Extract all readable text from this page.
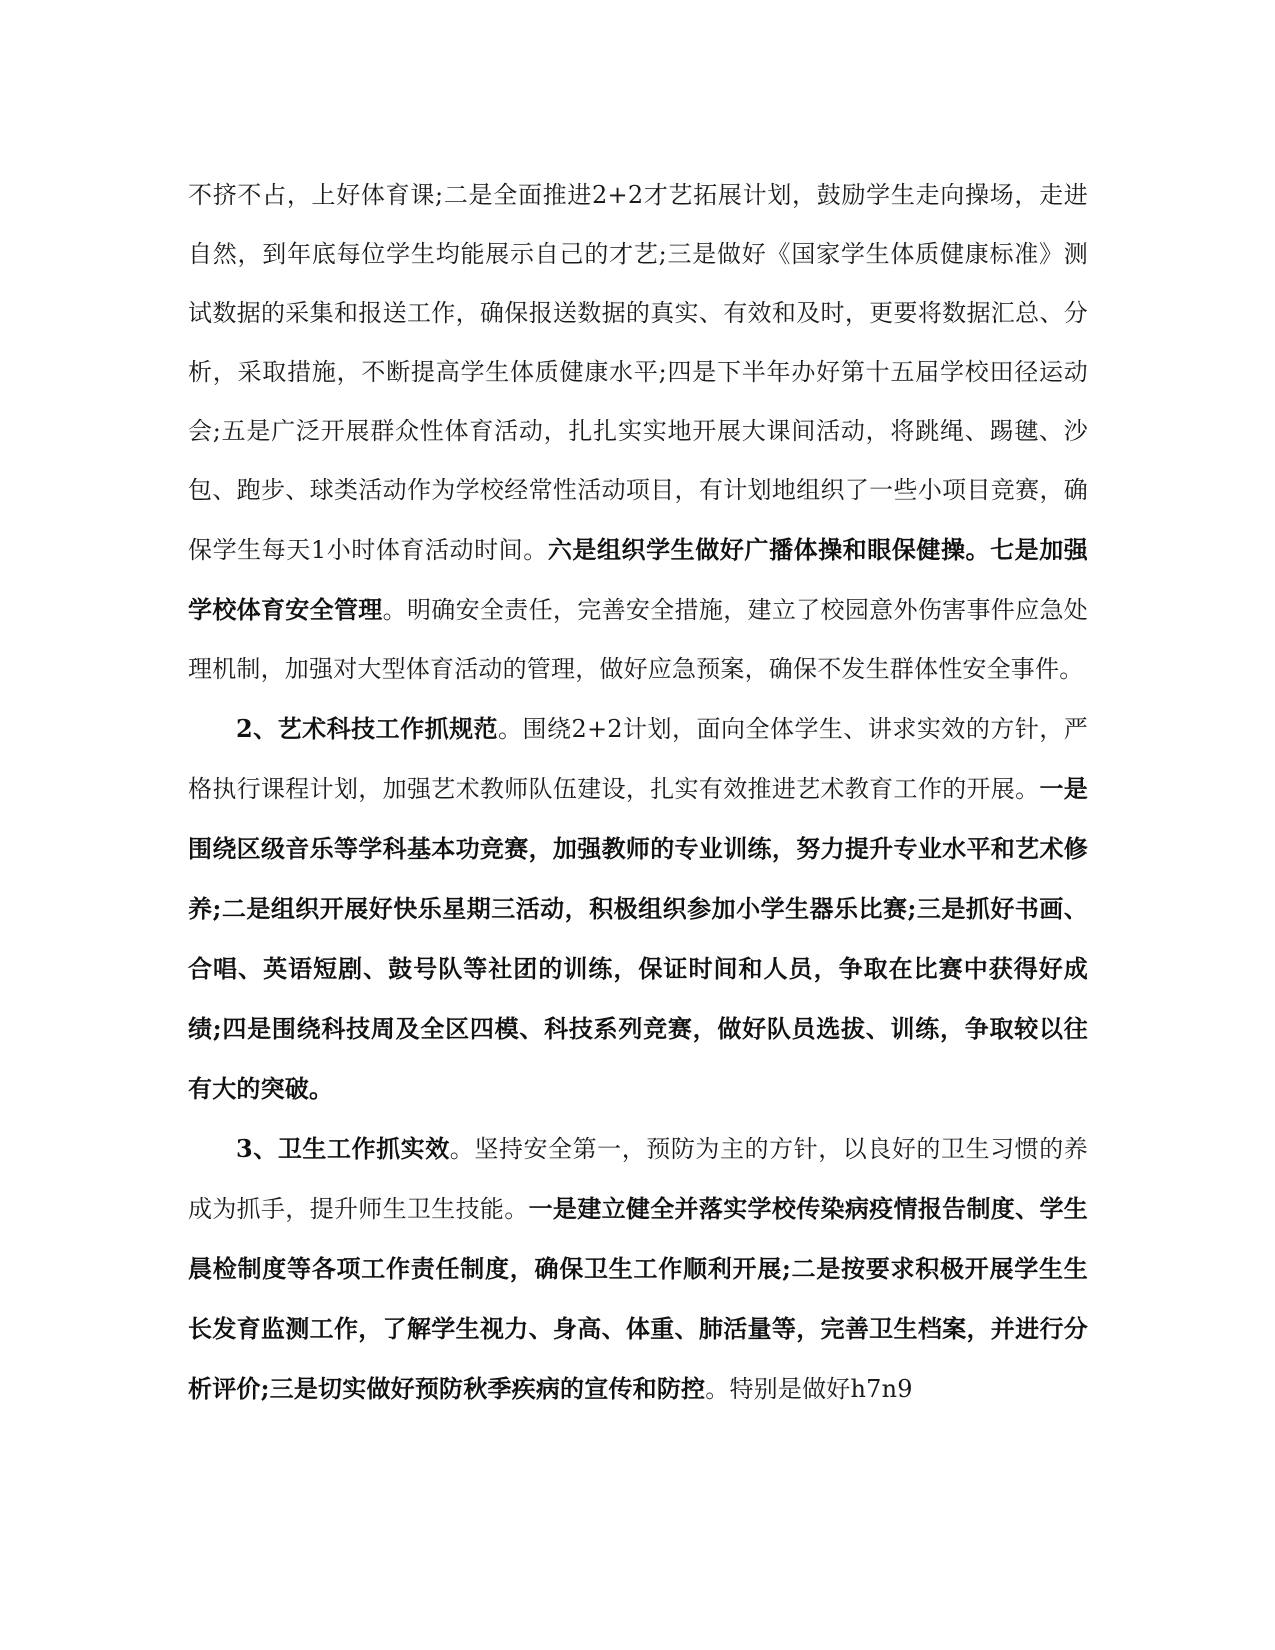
不挤不占，上好体育课;二是全面推进2+2才艺拓展计划，鼓励学生走向操场，走进自然，到年底每位学生均能展示自己的才艺;三是做好《国家学生体质健康标准》测试数据的采集和报送工作，确保报送数据的真实、有效和及时，更要将数据汇总、分析，采取措施，不断提高学生体质健康水平;四是下半年办好第十五届学校田径运动会;五是广泛开展群众性体育活动，扎扎实实地开展大课间活动，将跳绳、踢毽、沙包、跑步、球类活动作为学校经常性活动项目，有计划地组织了一些小项目竞赛，确保学生每天1小时体育活动时间。六是组织学生做好广播体操和眼保健操。七是加强学校体育安全管理。明确安全责任，完善安全措施，建立了校园意外伤害事件应急处理机制，加强对大型体育活动的管理，做好应急预案，确保不发生群体性安全事件。

2、艺术科技工作抓规范。围绕2+2计划，面向全体学生、讲求实效的方针，严格执行课程计划，加强艺术教师队伍建设，扎实有效推进艺术教育工作的开展。一是围绕区级音乐等学科基本功竞赛，加强教师的专业训练，努力提升专业水平和艺术修养;二是组织开展好快乐星期三活动，积极组织参加小学生器乐比赛;三是抓好书画、合唱、英语短剧、鼓号队等社团的训练，保证时间和人员，争取在比赛中获得好成绩;四是围绕科技周及全区四模、科技系列竞赛，做好队员选拔、训练，争取较以往有大的突破。

3、卫生工作抓实效。坚持安全第一，预防为主的方针，以良好的卫生习惯的养成为抓手，提升师生卫生技能。一是建立健全并落实学校传染病疫情报告制度、学生晨检制度等各项工作责任制度，确保卫生工作顺利开展;二是按要求积极开展学生生长发育监测工作，了解学生视力、身高、体重、肺活量等，完善卫生档案，并进行分析评价;三是切实做好预防秋季疾病的宣传和防控。特别是做好h7n9
